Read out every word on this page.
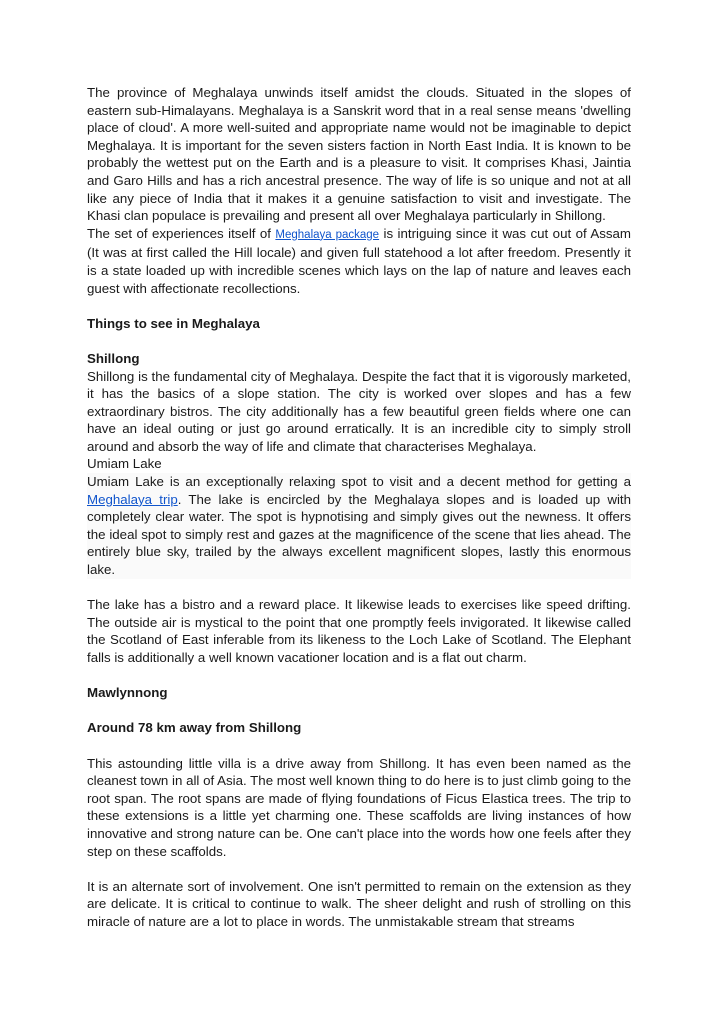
The province of Meghalaya unwinds itself amidst the clouds. Situated in the slopes of eastern sub-Himalayans. Meghalaya is a Sanskrit word that in a real sense means 'dwelling place of cloud'. A more well-suited and appropriate name would not be imaginable to depict Meghalaya. It is important for the seven sisters faction in North East India. It is known to be probably the wettest put on the Earth and is a pleasure to visit. It comprises Khasi, Jaintia and Garo Hills and has a rich ancestral presence. The way of life is so unique and not at all like any piece of India that it makes it a genuine satisfaction to visit and investigate. The Khasi clan populace is prevailing and present all over Meghalaya particularly in Shillong.

The set of experiences itself of Meghalaya package is intriguing since it was cut out of Assam (It was at first called the Hill locale) and given full statehood a lot after freedom. Presently it is a state loaded up with incredible scenes which lays on the lap of nature and leaves each guest with affectionate recollections.

Things to see in Meghalaya

Shillong

Shillong is the fundamental city of Meghalaya. Despite the fact that it is vigorously marketed, it has the basics of a slope station. The city is worked over slopes and has a few extraordinary bistros. The city additionally has a few beautiful green fields where one can have an ideal outing or just go around erratically. It is an incredible city to simply stroll around and absorb the way of life and climate that characterises Meghalaya.

Umiam Lake

Umiam Lake is an exceptionally relaxing spot to visit and a decent method for getting a Meghalaya trip. The lake is encircled by the Meghalaya slopes and is loaded up with completely clear water. The spot is hypnotising and simply gives out the newness. It offers the ideal spot to simply rest and gazes at the magnificence of the scene that lies ahead. The entirely blue sky, trailed by the always excellent magnificent slopes, lastly this enormous lake.

The lake has a bistro and a reward place. It likewise leads to exercises like speed drifting. The outside air is mystical to the point that one promptly feels invigorated. It likewise called the Scotland of East inferable from its likeness to the Loch Lake of Scotland. The Elephant falls is additionally a well known vacationer location and is a flat out charm.

Mawlynnong

Around 78 km away from Shillong

This astounding little villa is a drive away from Shillong. It has even been named as the cleanest town in all of Asia. The most well known thing to do here is to just climb going to the root span. The root spans are made of flying foundations of Ficus Elastica trees. The trip to these extensions is a little yet charming one. These scaffolds are living instances of how innovative and strong nature can be. One can't place into the words how one feels after they step on these scaffolds.

It is an alternate sort of involvement. One isn't permitted to remain on the extension as they are delicate. It is critical to continue to walk. The sheer delight and rush of strolling on this miracle of nature are a lot to place in words. The unmistakable stream that streams
